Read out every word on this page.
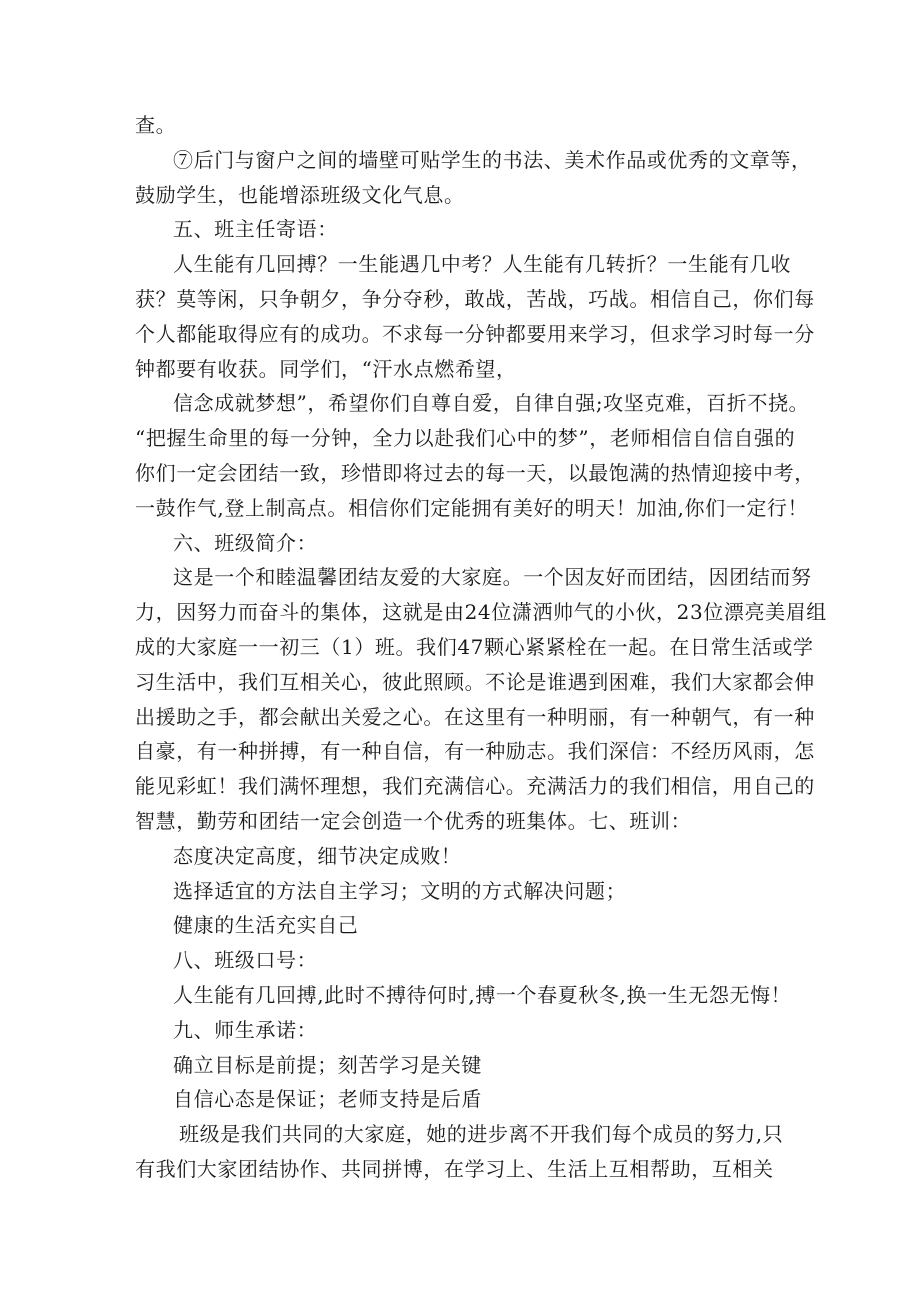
查。
⑦后门与窗户之间的墙壁可贴学生的书法、美术作品或优秀的文章等，
鼓励学生，也能增添班级文化气息。
五、班主任寄语：
人生能有几回搏？一生能遇几中考？人生能有几转折？一生能有几收
获？莫等闲，只争朝夕，争分夺秒，敢战，苦战，巧战。相信自己，你们每
个人都能取得应有的成功。不求每一分钟都要用来学习，但求学习时每一分
钟都要有收获。同学们，“汗水点燃希望，
信念成就梦想”，希望你们自尊自爱，自律自强;攻坚克难，百折不挠。
“把握生命里的每一分钟，全力以赴我们心中的梦”，老师相信自信自强的
你们一定会团结一致，珍惜即将过去的每一天，以最饱满的热情迎接中考，
一鼓作气,登上制高点。相信你们定能拥有美好的明天！加油,你们一定行！
六、班级简介：
这是一个和睦温馨团结友爱的大家庭。一个因友好而团结，因团结而努
力，因努力而奋斗的集体，这就是由24位潇洒帅气的小伙，23位漂亮美眉组
成的大家庭一一初三（1）班。我们47颗心紧紧栓在一起。在日常生活或学
习生活中，我们互相关心，彼此照顾。不论是谁遇到困难，我们大家都会伸
出援助之手，都会献出关爱之心。在这里有一种明丽，有一种朝气，有一种
自豪，有一种拼搏，有一种自信，有一种励志。我们深信：不经历风雨，怎
能见彩虹！我们满怀理想，我们充满信心。充满活力的我们相信，用自己的
智慧，勤劳和团结一定会创造一个优秀的班集体。七、班训：
态度决定高度，细节决定成败！
选择适宜的方法自主学习；文明的方式解决问题；
健康的生活充实自己
八、班级口号：
人生能有几回搏,此时不搏待何时,搏一个春夏秋冬,换一生无怨无悔！
九、师生承诺：
确立目标是前提；刻苦学习是关键
自信心态是保证；老师支持是后盾
班级是我们共同的大家庭，她的进步离不开我们每个成员的努力,只
有我们大家团结协作、共同拼博，在学习上、生活上互相帮助，互相关
